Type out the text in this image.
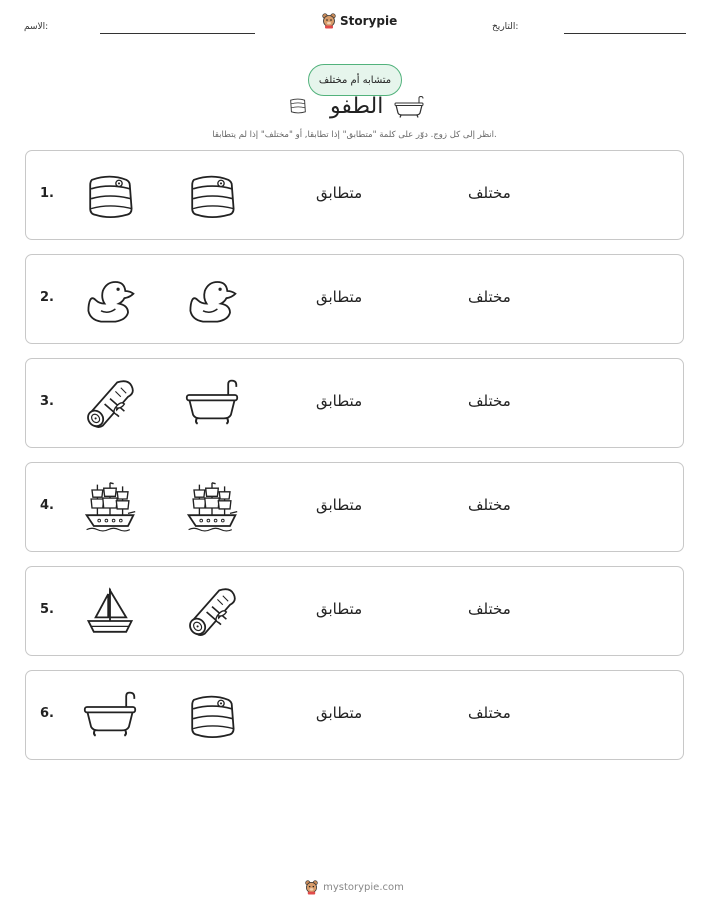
الاسم:	Storypie	التاريخ:
متشابه أم مختلف
الطفو
انظر إلى كل زوج. دوّر على كلمة "متطابق" إذا تطابقا, أو "مختلف" إذا لم يتطابقا.
1.	متطابق	مختلف
2.	متطابق	مختلف
3.	متطابق	مختلف
4.	متطابق	مختلف
5.	متطابق	مختلف
6.	متطابق	مختلف
mystorypie.com
